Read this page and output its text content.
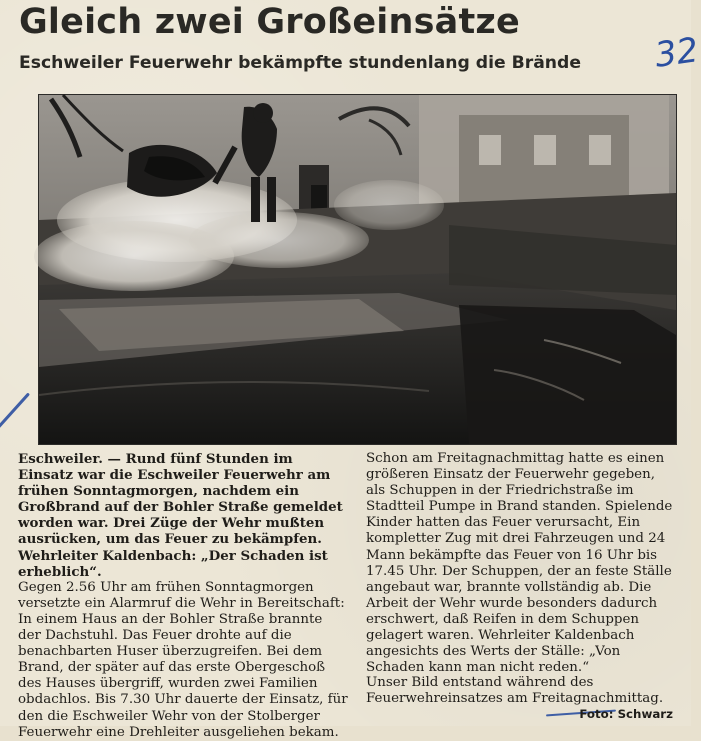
Gleich zwei Großeinsätze
Eschweiler Feuerwehr bekämpfte stundenlang die Brände 32

Eschweiler. — Rund fünf Stunden im Einsatz war die Eschweiler Feuerwehr am frühen Sonntagmorgen, nachdem ein Großbrand auf der Bohler Straße gemeldet worden war. Drei Züge der Wehr mußten ausrücken, um das Feuer zu bekämpfen. Wehrleiter Kaldenbach: „Der Schaden ist erheblich“.

Gegen 2.56 Uhr am frühen Sonntagmorgen versetzte ein Alarmruf die Wehr in Bereitschaft: In einem Haus an der Bohler Straße brannte der Dachstuhl. Das Feuer drohte auf die benachbarten Huser überzugreifen. Bei dem Brand, der später auf das erste Obergeschoß des Hauses übergriff, wurden zwei Familien obdachlos. Bis 7.30 Uhr dauerte der Einsatz, für den die Eschweiler Wehr von der Stolberger Feuerwehr eine Drehleiter ausgeliehen bekam.

Schon am Freitagnachmittag hatte es einen größeren Einsatz der Feuerwehr gegeben, als Schuppen in der Friedrichstraße im Stadtteil Pumpe in Brand standen. Spielende Kinder hatten das Feuer verursacht, Ein kompletter Zug mit drei Fahrzeugen und 24 Mann bekämpfte das Feuer von 16 Uhr bis 17.45 Uhr. Der Schuppen, der an feste Ställe angebaut war, brannte vollständig ab. Die Arbeit der Wehr wurde besonders dadurch erschwert, daß Reifen in dem Schuppen gelagert waren. Wehrleiter Kaldenbach angesichts des Werts der Ställe: „Von Schaden kann man nicht reden.“

Unser Bild entstand während des Feuerwehreinsatzes am Freitagnachmittag.
Foto: Schwarz
